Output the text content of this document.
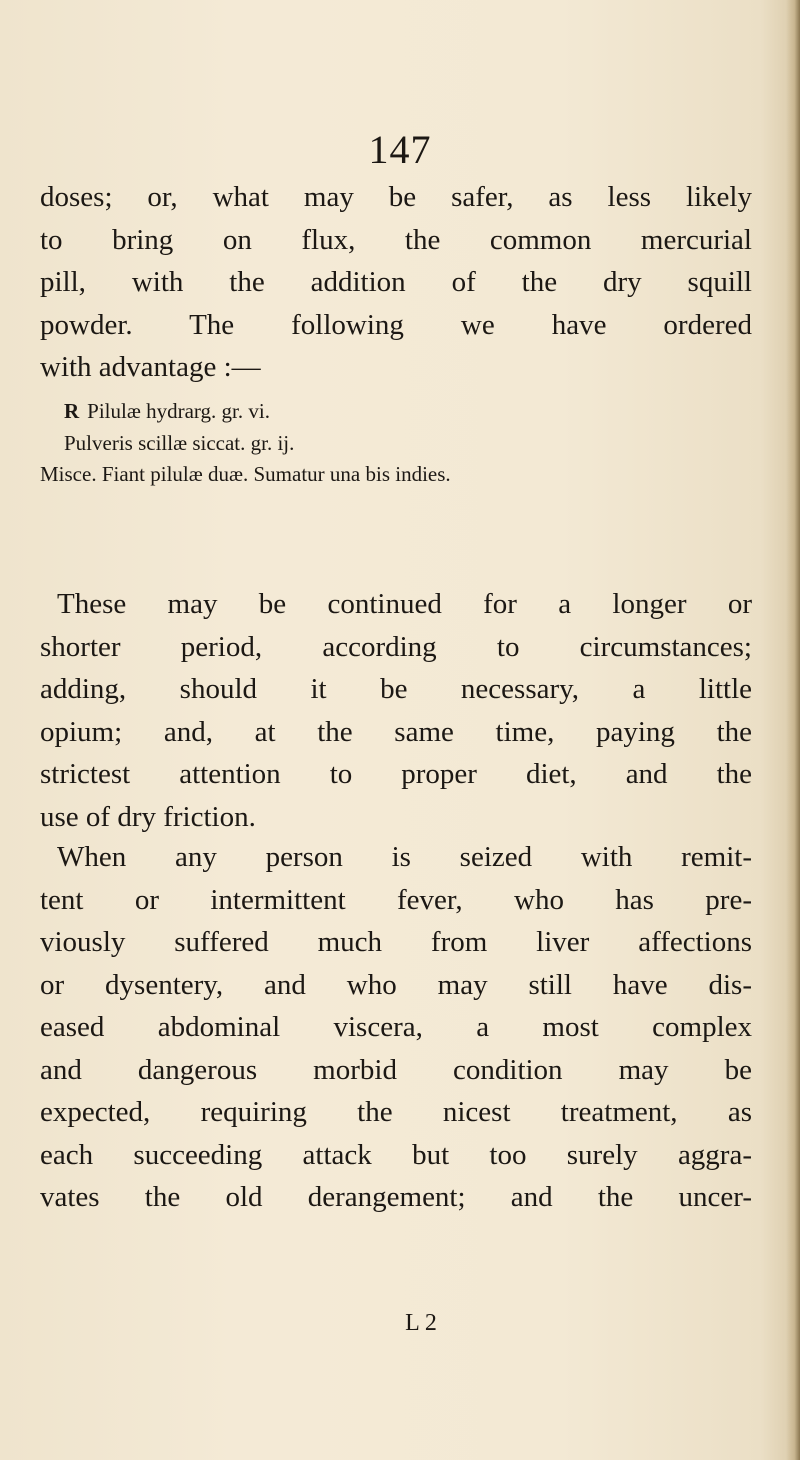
147
doses; or, what may be safer, as less likely
to bring on flux, the common mercurial
pill, with the addition of the dry squill
powder. The following we have ordered
with advantage :—
R Pilulæ hydrarg. gr. vi.
Pulveris scillæ siccat. gr. ij.
Misce. Fiant pilulæ duæ. Sumatur una bis indies.
These may be continued for a longer or
shorter period, according to circumstances;
adding, should it be necessary, a little
opium; and, at the same time, paying the
strictest attention to proper diet, and the
use of dry friction.
When any person is seized with remit-
tent or intermittent fever, who has pre-
viously suffered much from liver affections
or dysentery, and who may still have dis-
eased abdominal viscera, a most complex
and dangerous morbid condition may be
expected, requiring the nicest treatment, as
each succeeding attack but too surely aggra-
vates the old derangement; and the uncer-
L 2
